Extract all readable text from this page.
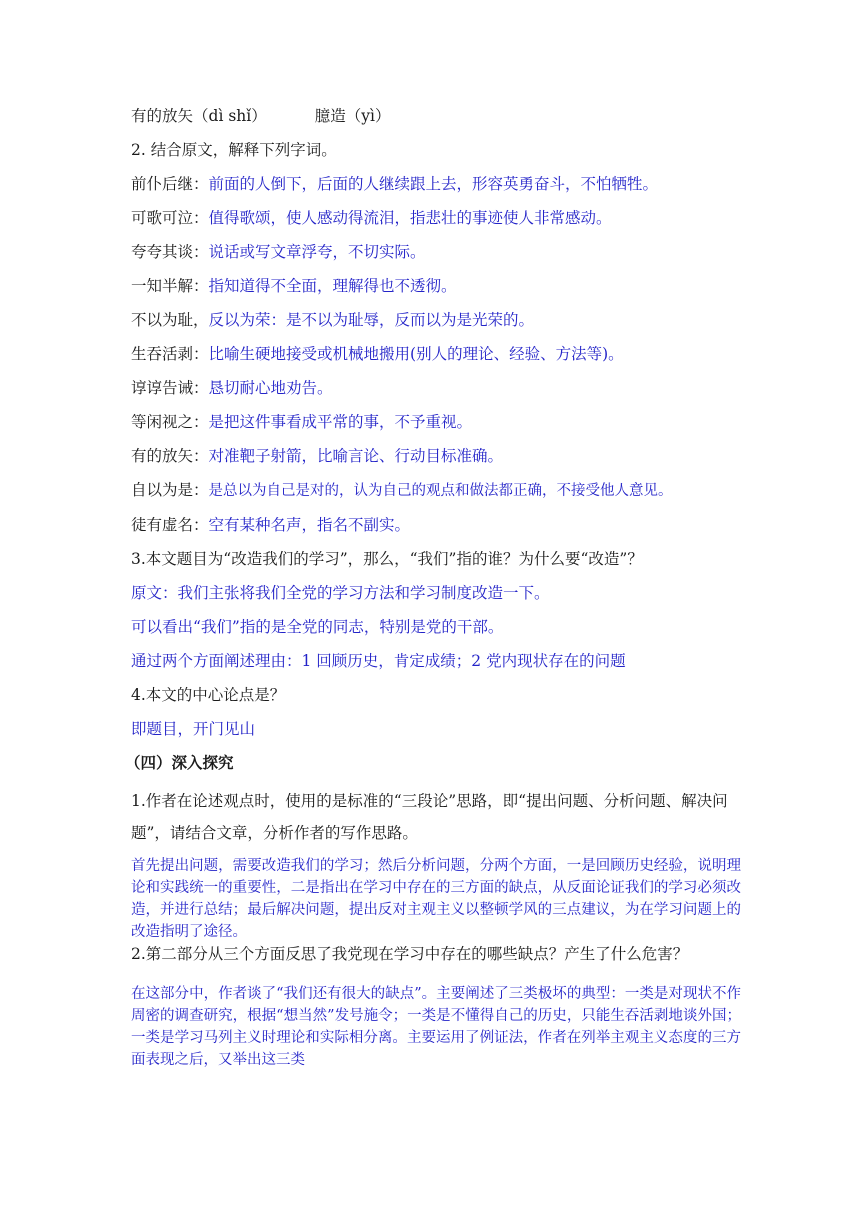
有的放矢（dì shǐ）	臆造（yì）

2. 结合原文，解释下列字词。

前仆后继：前面的人倒下，后面的人继续跟上去，形容英勇奋斗，不怕牺牲。

可歌可泣：值得歌颂，使人感动得流泪，指悲壮的事迹使人非常感动。

夸夸其谈：说话或写文章浮夸，不切实际。

一知半解：指知道得不全面，理解得也不透彻。

不以为耻，反以为荣：是不以为耻辱，反而以为是光荣的。

生吞活剥：比喻生硬地接受或机械地搬用(别人的理论、经验、方法等)。

谆谆告诫：恳切耐心地劝告。

等闲视之：是把这件事看成平常的事，不予重视。

有的放矢：对准靶子射箭，比喻言论、行动目标准确。

自以为是：是总以为自己是对的，认为自己的观点和做法都正确，不接受他人意见。

徒有虚名：空有某种名声，指名不副实。

3.本文题目为“改造我们的学习”，那么，“我们”指的谁？为什么要“改造”？

原文：我们主张将我们全党的学习方法和学习制度改造一下。

可以看出“我们”指的是全党的同志，特别是党的干部。

通过两个方面阐述理由：1 回顾历史，肯定成绩；2 党内现状存在的问题

4.本文的中心论点是？

即题目，开门见山

（四）深入探究

1.作者在论述观点时，使用的是标准的“三段论”思路，即“提出问题、分析问题、解决问题”，请结合文章，分析作者的写作思路。

首先提出问题，需要改造我们的学习；然后分析问题，分两个方面，一是回顾历史经验，说明理论和实践统一的重要性，二是指出在学习中存在的三方面的缺点，从反面论证我们的学习必须改造，并进行总结；最后解决问题，提出反对主观主义以整顿学风的三点建议，为在学习问题上的改造指明了途径。

2.第二部分从三个方面反思了我党现在学习中存在的哪些缺点？产生了什么危害？

在这部分中，作者谈了“我们还有很大的缺点”。主要阐述了三类极坏的典型：一类是对现状不作周密的调查研究，根据“想当然”发号施令；一类是不懂得自己的历史，只能生吞活剥地谈外国；一类是学习马列主义时理论和实际相分离。主要运用了例证法，作者在列举主观主义态度的三方面表现之后，又举出这三类
